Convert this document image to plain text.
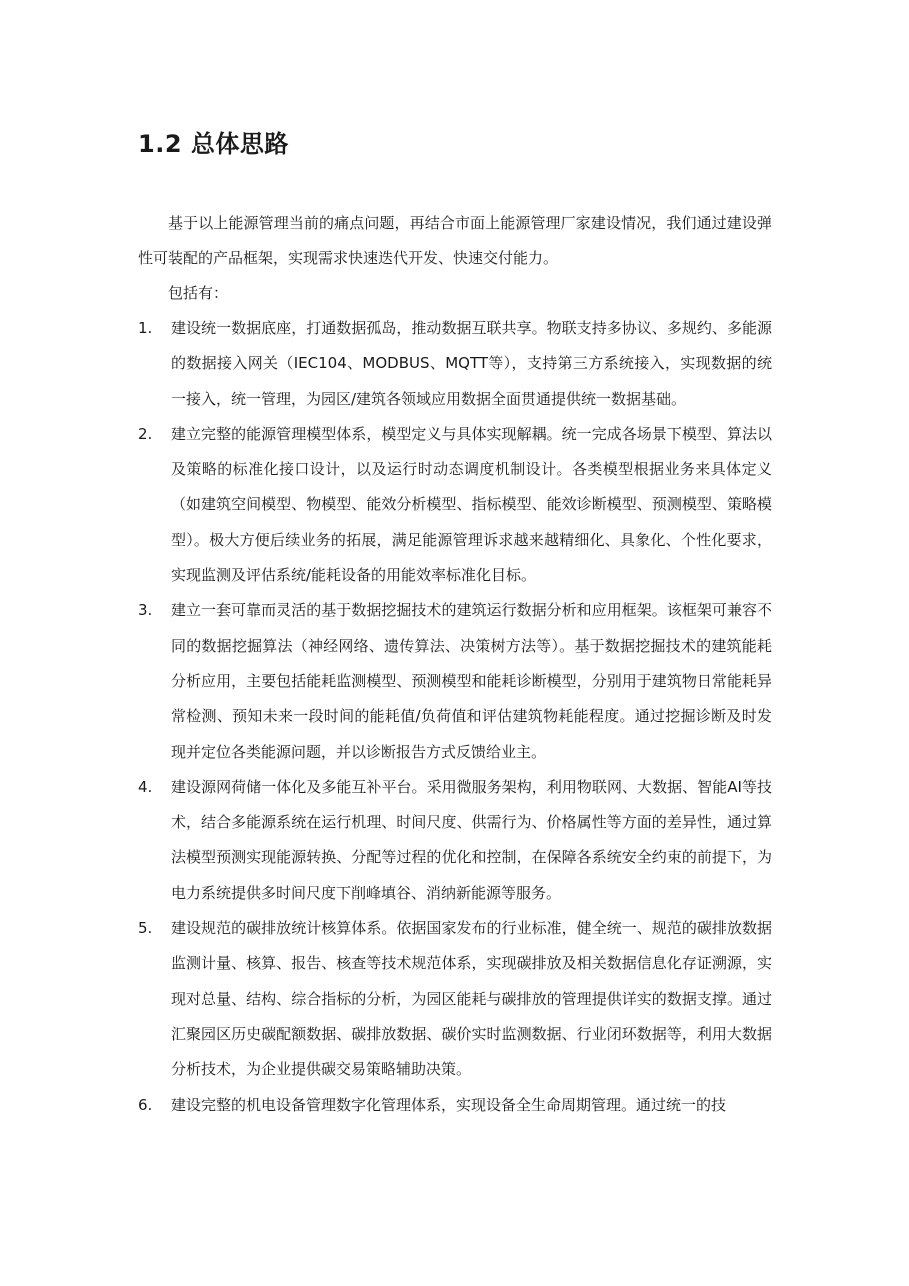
1.2 总体思路

基于以上能源管理当前的痛点问题，再结合市面上能源管理厂家建设情况，我们通过建设弹性可装配的产品框架，实现需求快速迭代开发、快速交付能力。

包括有：

1. 建设统一数据底座，打通数据孤岛，推动数据互联共享。物联支持多协议、多规约、多能源的数据接入网关（IEC104、MODBUS、MQTT等），支持第三方系统接入，实现数据的统一接入，统一管理，为园区/建筑各领域应用数据全面贯通提供统一数据基础。
2. 建立完整的能源管理模型体系，模型定义与具体实现解耦。统一完成各场景下模型、算法以及策略的标准化接口设计，以及运行时动态调度机制设计。各类模型根据业务来具体定义（如建筑空间模型、物模型、能效分析模型、指标模型、能效诊断模型、预测模型、策略模型）。极大方便后续业务的拓展，满足能源管理诉求越来越精细化、具象化、个性化要求，实现监测及评估系统/能耗设备的用能效率标准化目标。
3. 建立一套可靠而灵活的基于数据挖掘技术的建筑运行数据分析和应用框架。该框架可兼容不同的数据挖掘算法（神经网络、遗传算法、决策树方法等）。基于数据挖掘技术的建筑能耗分析应用，主要包括能耗监测模型、预测模型和能耗诊断模型，分别用于建筑物日常能耗异常检测、预知未来一段时间的能耗值/负荷值和评估建筑物耗能程度。通过挖掘诊断及时发现并定位各类能源问题，并以诊断报告方式反馈给业主。
4. 建设源网荷储一体化及多能互补平台。采用微服务架构，利用物联网、大数据、智能AI等技术，结合多能源系统在运行机理、时间尺度、供需行为、价格属性等方面的差异性，通过算法模型预测实现能源转换、分配等过程的优化和控制，在保障各系统安全约束的前提下，为电力系统提供多时间尺度下削峰填谷、消纳新能源等服务。
5. 建设规范的碳排放统计核算体系。依据国家发布的行业标准，健全统一、规范的碳排放数据监测计量、核算、报告、核查等技术规范体系，实现碳排放及相关数据信息化存证溯源，实现对总量、结构、综合指标的分析，为园区能耗与碳排放的管理提供详实的数据支撑。通过汇聚园区历史碳配额数据、碳排放数据、碳价实时监测数据、行业闭环数据等，利用大数据分析技术，为企业提供碳交易策略辅助决策。
6. 建设完整的机电设备管理数字化管理体系，实现设备全生命周期管理。通过统一的技
